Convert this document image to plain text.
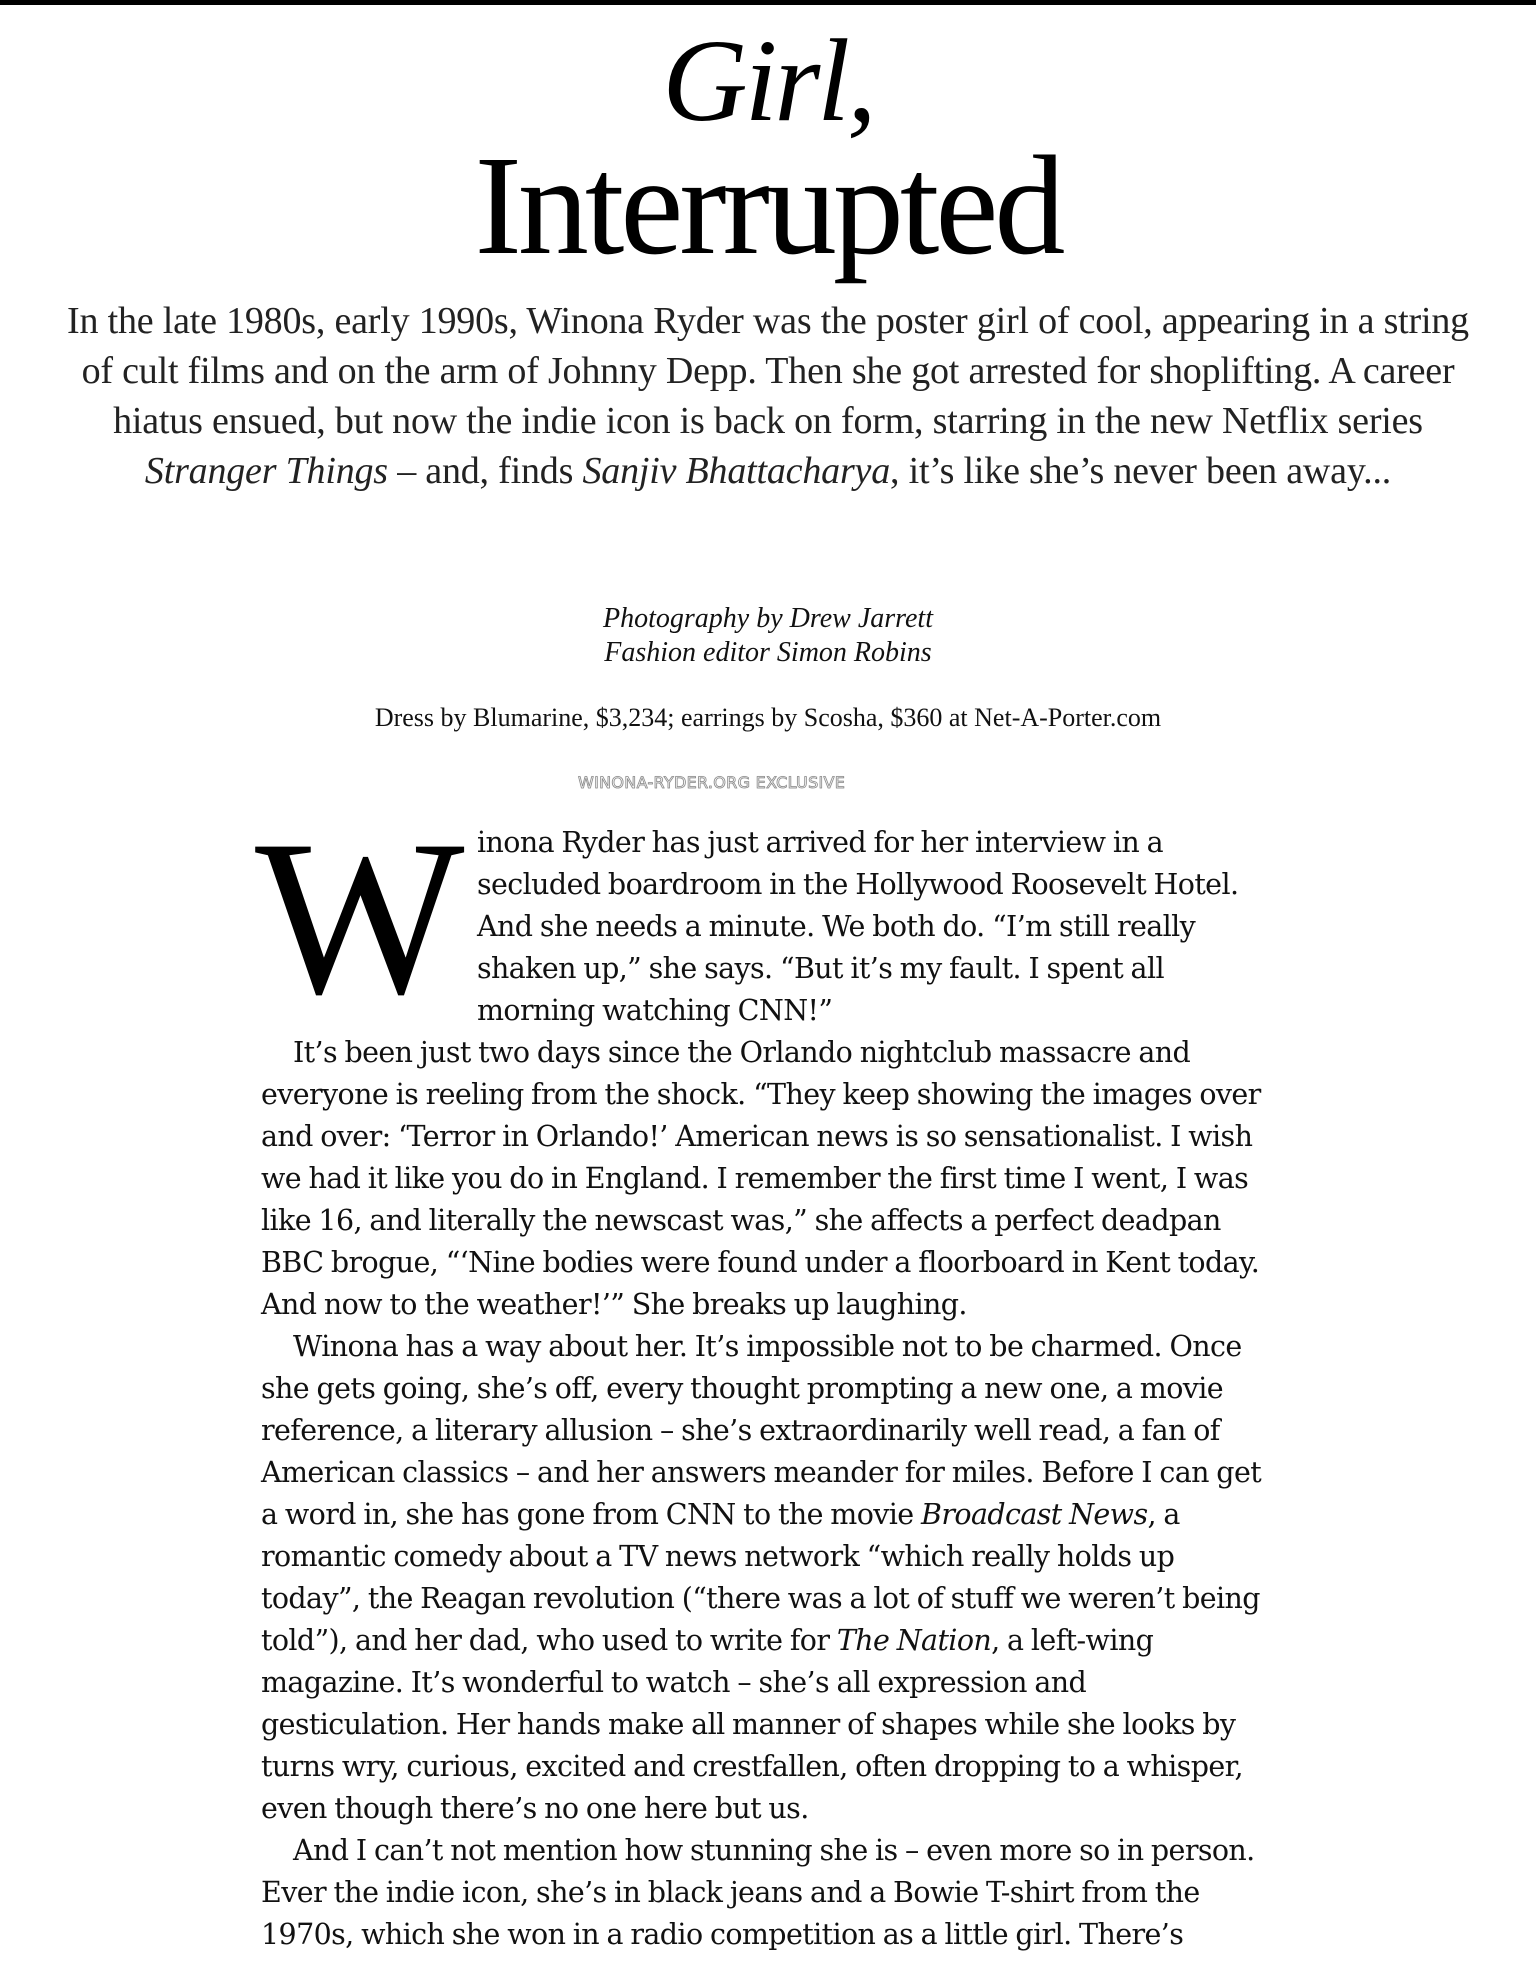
Girl,
Interrupted

In the late 1980s, early 1990s, Winona Ryder was the poster girl of cool, appearing in a string of cult films and on the arm of Johnny Depp. Then she got arrested for shoplifting. A career hiatus ensued, but now the indie icon is back on form, starring in the new Netflix series Stranger Things – and, finds Sanjiv Bhattacharya, it’s like she’s never been away...

Photography by Drew Jarrett
Fashion editor Simon Robins
Dress by Blumarine, $3,234; earrings by Scosha, $360 at Net-A-Porter.com
WINONA-RYDER.ORG EXCLUSIVE

Winona Ryder has just arrived for her interview in a secluded boardroom in the Hollywood Roosevelt Hotel. And she needs a minute. We both do. “I’m still really shaken up,” she says. “But it’s my fault. I spent all morning watching CNN!”

It’s been just two days since the Orlando nightclub massacre and everyone is reeling from the shock. “They keep showing the images over and over: ‘Terror in Orlando!’ American news is so sensationalist. I wish we had it like you do in England. I remember the first time I went, I was like 16, and literally the newscast was,” she affects a perfect deadpan BBC brogue, “‘Nine bodies were found under a floorboard in Kent today. And now to the weather!’” She breaks up laughing.

Winona has a way about her. It’s impossible not to be charmed. Once she gets going, she’s off, every thought prompting a new one, a movie reference, a literary allusion – she’s extraordinarily well read, a fan of American classics – and her answers meander for miles. Before I can get a word in, she has gone from CNN to the movie Broadcast News, a romantic comedy about a TV news network “which really holds up today”, the Reagan revolution (“there was a lot of stuff we weren’t being told”), and her dad, who used to write for The Nation, a left-wing magazine. It’s wonderful to watch – she’s all expression and gesticulation. Her hands make all manner of shapes while she looks by turns wry, curious, excited and crestfallen, often dropping to a whisper, even though there’s no one here but us.

And I can’t not mention how stunning she is – even more so in person. Ever the indie icon, she’s in black jeans and a Bowie T-shirt from the 1970s, which she won in a radio competition as a little girl. There’s
